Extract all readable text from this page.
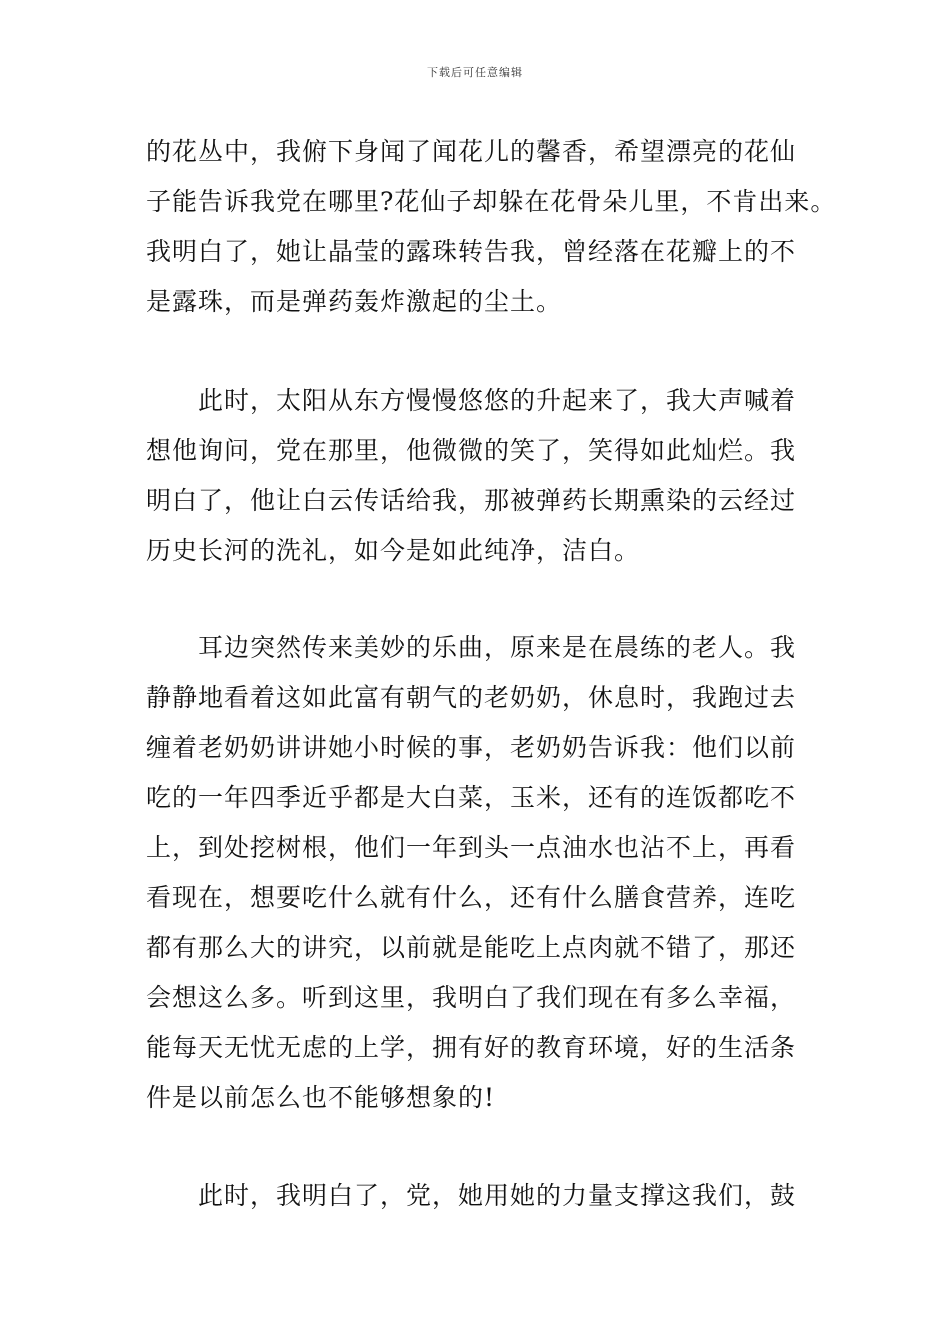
下载后可任意编辑
的花丛中，我俯下身闻了闻花儿的馨香，希望漂亮的花仙
子能告诉我党在哪里?花仙子却躲在花骨朵儿里，不肯出来。
我明白了，她让晶莹的露珠转告我，曾经落在花瓣上的不
是露珠，而是弹药轰炸激起的尘土。
　　此时，太阳从东方慢慢悠悠的升起来了，我大声喊着
想他询问，党在那里，他微微的笑了，笑得如此灿烂。我
明白了，他让白云传话给我，那被弹药长期熏染的云经过
历史长河的洗礼，如今是如此纯净，洁白。
　　耳边突然传来美妙的乐曲，原来是在晨练的老人。我
静静地看着这如此富有朝气的老奶奶，休息时，我跑过去
缠着老奶奶讲讲她小时候的事，老奶奶告诉我：他们以前
吃的一年四季近乎都是大白菜，玉米，还有的连饭都吃不
上，到处挖树根，他们一年到头一点油水也沾不上，再看
看现在，想要吃什么就有什么，还有什么膳食营养，连吃
都有那么大的讲究，以前就是能吃上点肉就不错了，那还
会想这么多。听到这里，我明白了我们现在有多么幸福，
能每天无忧无虑的上学，拥有好的教育环境，好的生活条
件是以前怎么也不能够想象的!
　　此时，我明白了，党，她用她的力量支撑这我们，鼓
